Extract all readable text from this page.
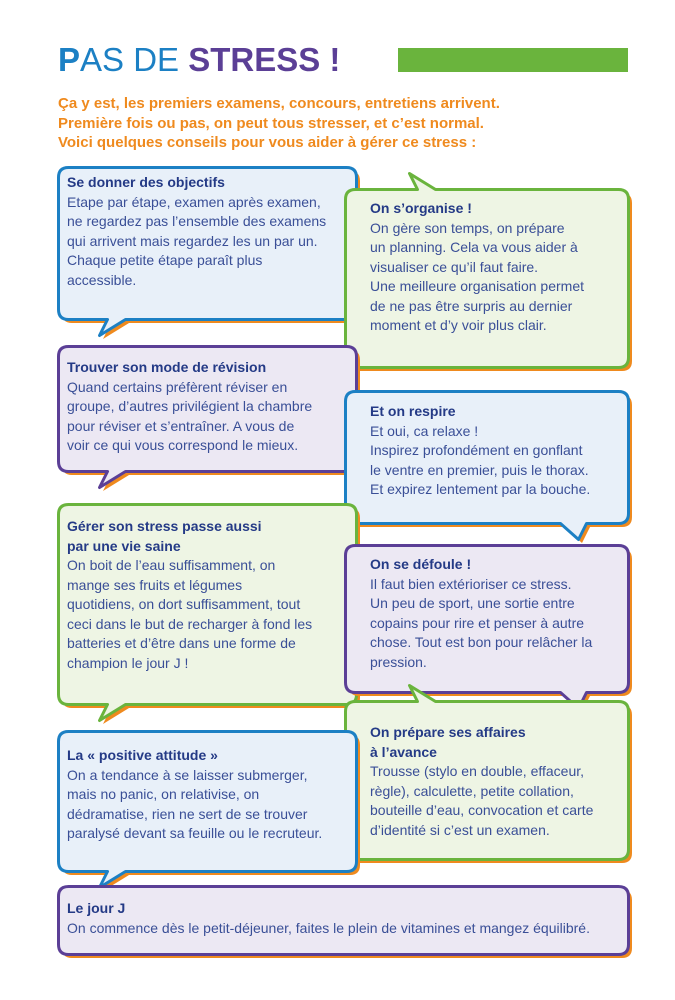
PAS DE STRESS !
Ça y est, les premiers examens, concours, entretiens arrivent.
Première fois ou pas, on peut tous stresser, et c’est normal.
Voici quelques conseils pour vous aider à gérer ce stress :
Se donner des objectifs
Etape par étape, examen après examen,
ne regardez pas l’ensemble des examens
qui arrivent mais regardez les un par un.
Chaque petite étape paraît plus
accessible.
On s’organise !
On gère son temps, on prépare
un planning. Cela va vous aider à
visualiser ce qu’il faut faire.
Une meilleure organisation permet
de ne pas être surpris au dernier
moment et d’y voir plus clair.
Trouver son mode de révision
Quand certains préfèrent réviser en
groupe, d’autres privilégient la chambre
pour réviser et s’entraîner. A vous de
voir ce qui vous correspond le mieux.
Et on respire
Et oui, ca relaxe !
Inspirez profondément en gonflant
le ventre en premier, puis le thorax.
Et expirez lentement par la bouche.
Gérer son stress passe aussi
par une vie saine
On boit de l’eau suffisamment, on
mange ses fruits et légumes
quotidiens, on dort suffisamment, tout
ceci dans le but de recharger à fond les
batteries et d’être dans une forme de
champion le jour J !
On se défoule !
Il faut bien extérioriser ce stress.
Un peu de sport, une sortie entre
copains pour rire et penser à autre
chose. Tout est bon pour relâcher la
pression.
On prépare ses affaires
à l’avance
Trousse (stylo en double, effaceur,
règle), calculette, petite collation,
bouteille d’eau, convocation et carte
d’identité si c’est un examen.
La « positive attitude »
On a tendance à se laisser submerger,
mais no panic, on relativise, on
dédramatise, rien ne sert de se trouver
paralysé devant sa feuille ou le recruteur.
Le jour J
On commence dès le petit-déjeuner, faites le plein de vitamines et mangez équilibré.
